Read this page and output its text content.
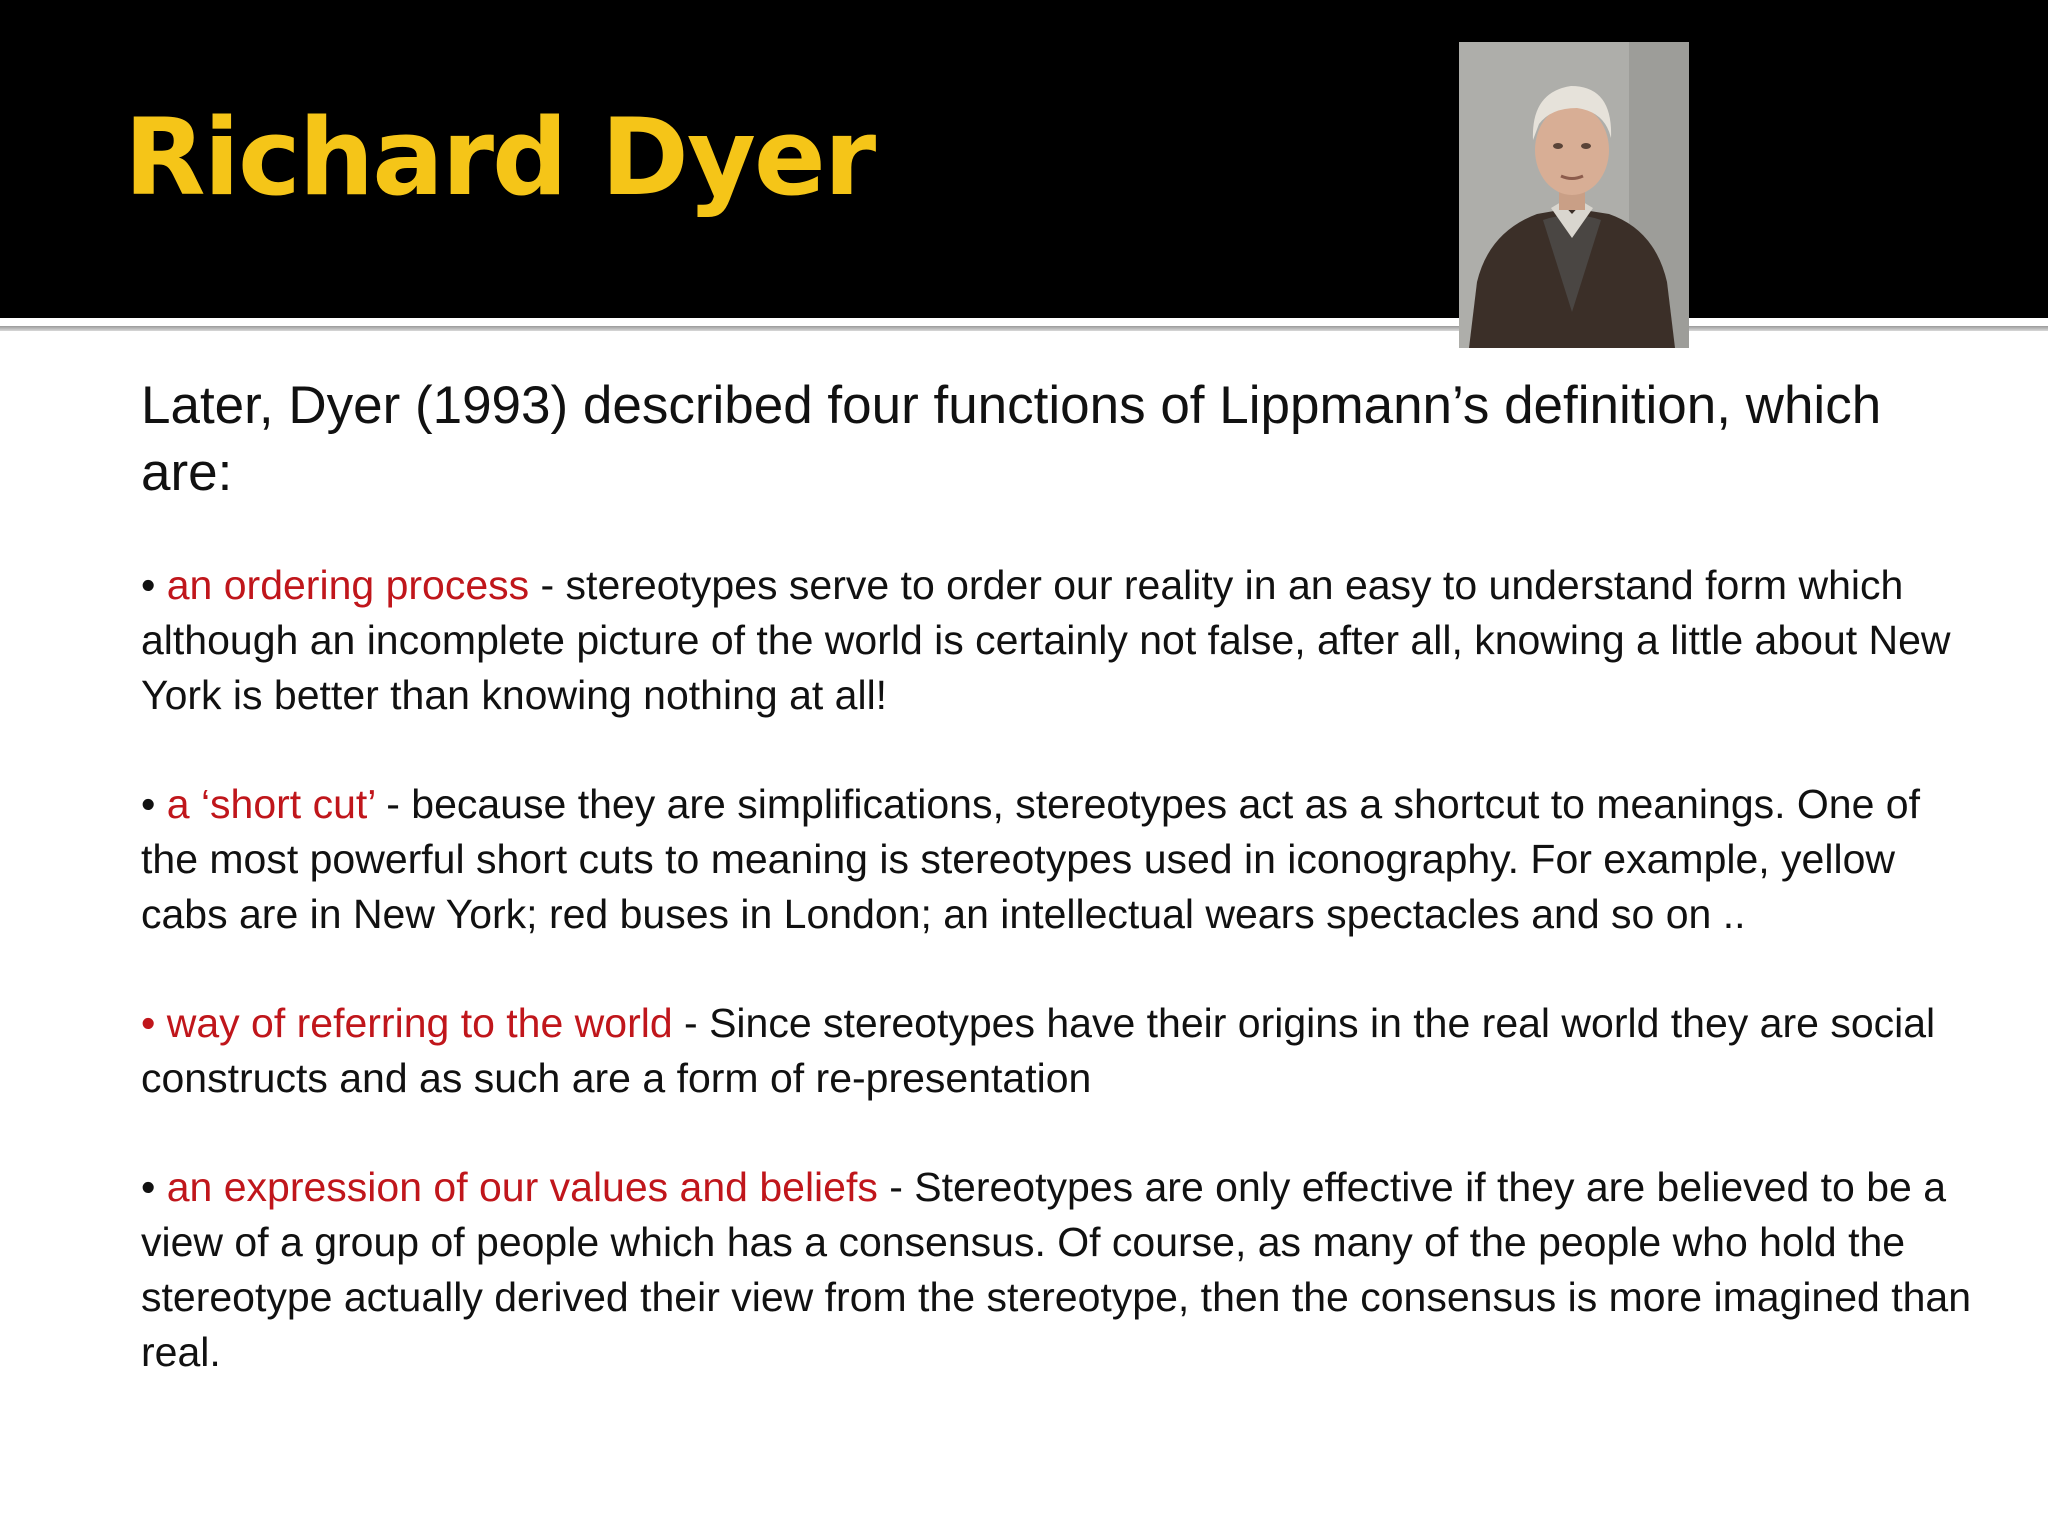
Richard Dyer

Later, Dyer (1993) described four functions of Lippmann’s definition, which are:

• an ordering process - stereotypes serve to order our reality in an easy to understand form which although an incomplete picture of the world is certainly not false, after all, knowing a little about New York is better than knowing nothing at all!

• a ‘short cut’ - because they are simplifications, stereotypes act as a shortcut to meanings. One of the most powerful short cuts to meaning is stereotypes used in iconography. For example, yellow cabs are in New York; red buses in London; an intellectual wears spectacles and so on ..

• way of referring to the world - Since stereotypes have their origins in the real world they are social constructs and as such are a form of re-presentation

• an expression of our values and beliefs - Stereotypes are only effective if they are believed to be a view of a group of people which has a consensus. Of course, as many of the people who hold the stereotype actually derived their view from the stereotype, then the consensus is more imagined than real.
